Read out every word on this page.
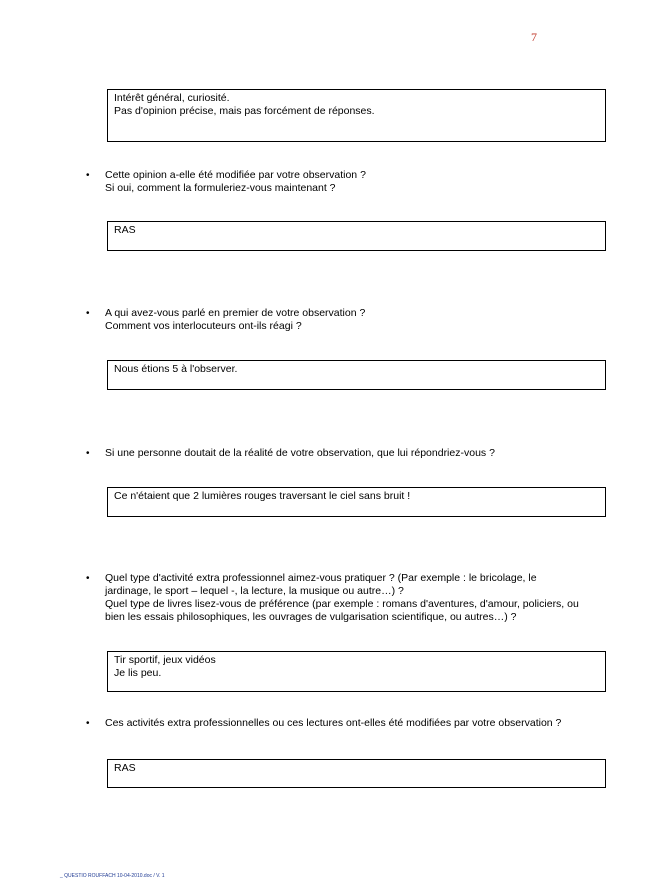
7
Intérêt général, curiosité.
Pas d'opinion précise, mais pas forcément de réponses.
• Cette opinion a-elle été modifiée par votre observation ?
Si oui, comment la formuleriez-vous maintenant ?
RAS
• A qui avez-vous parlé en premier de votre observation ?
Comment vos interlocuteurs ont-ils réagi ?
Nous étions 5 à l'observer.
• Si une personne doutait de la réalité de votre observation, que lui répondriez-vous ?
Ce n'étaient que 2 lumières rouges traversant le ciel sans bruit !
• Quel type d'activité extra professionnel aimez-vous pratiquer ? (Par exemple : le bricolage, le
jardinage, le sport – lequel -, la lecture, la musique ou autre…) ?
Quel type de livres lisez-vous de préférence (par exemple : romans d'aventures, d'amour, policiers, ou
bien les essais philosophiques, les ouvrages de vulgarisation scientifique, ou autres…) ?
Tir sportif, jeux vidéos
Je lis peu.
• Ces activités extra professionnelles ou ces lectures ont-elles été modifiées par votre observation ?
RAS
_ QUESTIO ROUFFACH 10-04-2010.doc / V. 1
